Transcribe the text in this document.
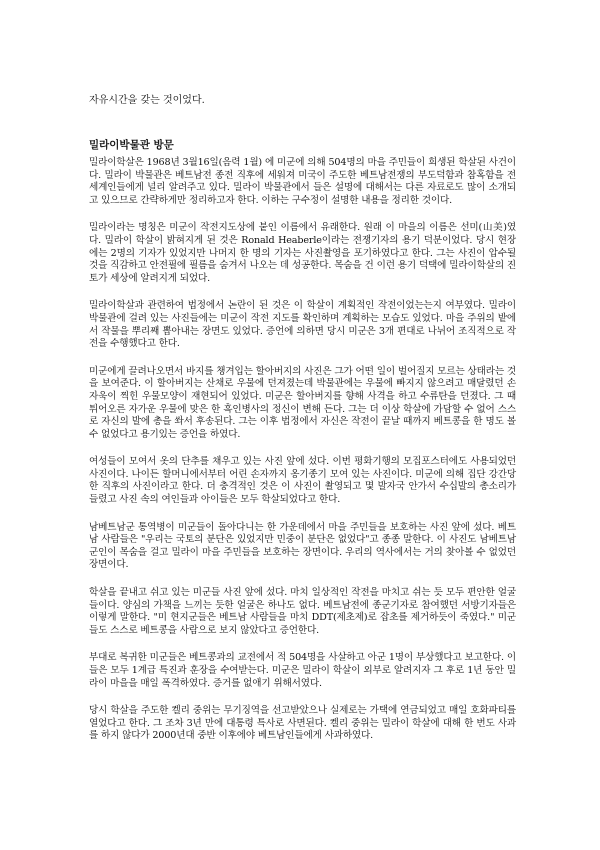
자유시간을 갖는 것이었다.

밀라이박물관 방문

밀라이학살은 1968년 3월16일(음력 1월) 에 미군에 의해 504명의 마을 주민들이 희생된 학살된 사건이다. 밀라이 박물관은 베트남전 종전 직후에 세워져 미국이 주도한 베트남전쟁의 부도덕함과 참혹함을 전세계인들에게 널리 알려주고 있다. 밀라이 박물관에서 들은 설명에 대해서는 다른 자료로도 많이 소개되고 있으므로 간략하게만 정리하고자 한다. 이하는 구수정이 설명한 내용을 정리한 것이다.

밀라이라는 명칭은 미군이 작전지도상에 붙인 이름에서 유래한다. 원래 이 마을의 이름은 선미(山美)였다. 밀라이 학살이 밝혀지게 된 것은 Ronald Heaberle이라는 전쟁기자의 용기 덕분이었다. 당시 현장에는 2명의 기자가 있었지만 나머지 한 명의 기자는 사진촬영을 포기하였다고 한다. 그는 사진이 압수될 것을 직감하고 안전필에 필름을 숨겨서 나오는 데 성공한다. 목숨을 건 이런 용기 덕택에 밀라이학살의 진토가 세상에 알려지게 되었다.

밀라이학살과 관련하여 법정에서 논란이 된 것은 이 학살이 계획적인 작전이었는는지 여부였다. 밀라이 박물관에 걸려 있는 사진들에는 미군이 작전 지도를 확인하며 계획하는 모습도 있었다. 마을 주위의 밭에서 작물을 뿌리째 뽑아내는 장면도 있었다. 증언에 의하면 당시 미군은 3개 편대로 나뉘어 조직적으로 작전을 수행했다고 한다.

미군에게 끌려나오면서 바지를 챙겨입는 할아버지의 사진은 그가 어떤 일이 벌어질지 모르는 상태라는 것을 보여준다. 이 할아버지는 산채로 우물에 던져졌는데 박물관에는 우물에 빠지지 않으려고 매달렸던 손자욱이 찍힌 우물모양이 재현되어 있었다. 미군은 할아버지를 향해 사격을 하고 수류탄을 던졌다. 그 때 튀어오른 자가운 우물에 맞은 한 흑인병사의 정신이 변해 든다. 그는 더 이상 학살에 가담할 수 없어 스스로 자신의 발에 총을 쏴서 후송된다. 그는 이후 법정에서 자신은 작전이 끝날 때까지 베트콩을 한 명도 볼 수 없었다고 용기있는 증언을 하였다.

여성들이 모여서 옷의 단추를 채우고 있는 사진 앞에 섰다. 이번 평화기행의 모집포스터에도 사용되었던 사진이다. 나이든 할머니에서부터 어린 손자까지 옹기종기 모여 있는 사진이다. 미군에 의해 집단 강간당한 직후의 사진이라고 한다. 더 충격적인 것은 이 사진이 촬영되고 몇 발자국 안가서 수십발의 총소리가 들렸고 사진 속의 여인들과 아이들은 모두 학살되었다고 한다.

남베트남군 통역병이 미군들이 돌아다니는 한 가운데에서 마을 주민들을 보호하는 사진 앞에 섰다. 베트남 사람들은 "우리는 국토의 분단은 있었지만 민중이 분단은 없었다"고 종종 말한다. 이 사진도 남베트남 군인이 목숨을 걸고 밀라이 마을 주민들을 보호하는 장면이다. 우리의 역사에서는 거의 찾아볼 수 없었던 장면이다.

학살을 끝내고 쉬고 있는 미군들 사진 앞에 섰다. 마치 일상적인 작전을 마치고 쉬는 듯 모두 편안한 얼굴들이다. 양심의 가책을 느끼는 듯한 얼굴은 하나도 없다. 베트남전에 종군기자로 참여했던 서방기자들은 이렇게 말한다. "미 현지군들은 베트남 사람들을 마치 DDT(제초제)로 잡초를 제거하듯이 죽였다." 미군들도 스스로 베트콩을 사람으로 보지 않았다고 증언한다.

부대로 복귀한 미군들은 베트콩과의 교전에서 적 504명을 사살하고 아군 1명이 부상했다고 보고한다. 이들은 모두 1계급 특진과 훈장을 수여받는다. 미군은 밀라이 학살이 외부로 알려지자 그 후로 1년 동안 밀라이 마을을 매일 폭격하였다. 증거를 없애기 위해서였다.

당시 학살을 주도한 켈리 중위는 무기징역을 선고받았으나 실제로는 가택에 연금되었고 매일 호화파티를 열었다고 한다. 그 조차 3년 만에 대통령 특사로 사면된다. 켈리 중위는 밀라이 학살에 대해 한 번도 사과를 하지 않다가 2000년대 중반 이후에야 베트남인들에게 사과하였다.
